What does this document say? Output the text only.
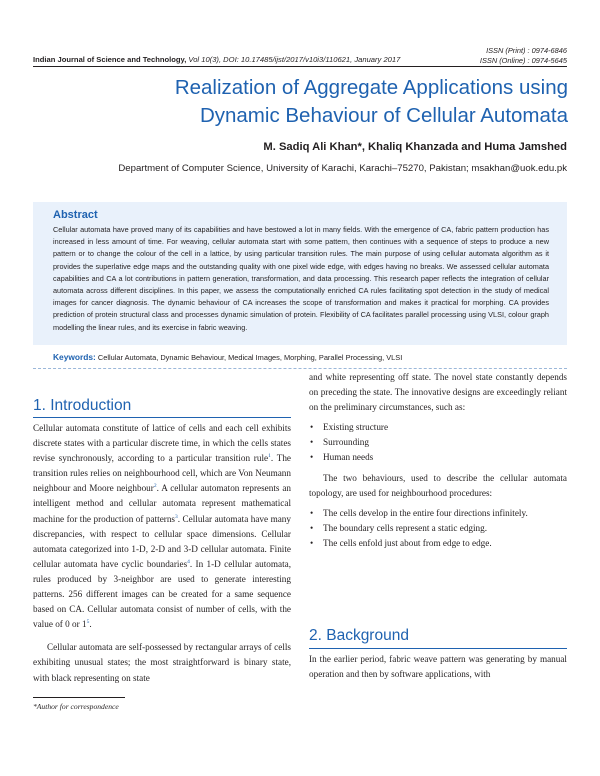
ISSN (Print) : 0974-6846
ISSN (Online) : 0974-5645
Indian Journal of Science and Technology, Vol 10(3), DOI: 10.17485/ijst/2017/v10i3/110621, January 2017
Realization of Aggregate Applications using
Dynamic Behaviour of Cellular Automata
M. Sadiq Ali Khan*, Khaliq Khanzada and Huma Jamshed
Department of Computer Science, University of Karachi, Karachi–75270, Pakistan; msakhan@uok.edu.pk
Abstract
Cellular automata have proved many of its capabilities and have bestowed a lot in many fields. With the emergence of CA, fabric pattern production has increased in less amount of time. For weaving, cellular automata start with some pattern, then continues with a sequence of steps to produce a new pattern or to change the colour of the cell in a lattice, by using particular transition rules. The main purpose of using cellular automata algorithm as it provides the superlative edge maps and the outstanding quality with one pixel wide edge, with edges having no breaks. We assessed cellular automata capabilities and CA a lot contributions in pattern generation, transformation, and data processing. This research paper reflects the integration of cellular automata across different disciplines. In this paper, we assess the computationally enriched CA rules facilitating spot detection in the study of medical images for cancer diagnosis. The dynamic behaviour of CA increases the scope of transformation and makes it practical for morphing. CA provides prediction of protein structural class and processes dynamic simulation of protein. Flexibility of CA facilitates parallel processing using VLSI, colour graph modelling the linear rules, and its exercise in fabric weaving.
Keywords: Cellular Automata, Dynamic Behaviour, Medical Images, Morphing, Parallel Processing, VLSI
1. Introduction

Cellular automata constitute of lattice of cells and each cell exhibits discrete states with a particular discrete time, in which the cells states revise synchronously, according to a particular transition rule$^1$. The transition rules relies on neighbourhood cell, which are Von Neumann neighbour and Moore neighbour$^2$. A cellular automaton represents an intelligent method and cellular automata represent mathematical machine for the production of patterns$^3$. Cellular automata have many discrepancies, with respect to cellular space dimensions. Cellular automata categorized into 1-D, 2-D and 3-D cellular automata. Finite cellular automata have cyclic boundaries$^4$. In 1-D cellular automata, rules produced by 3-neighbor are used to generate interesting patterns. 256 different images can be created for a same sequence based on CA. Cellular automata consist of number of cells, with the value of 0 or $1^5$.

Cellular automata are self-possessed by rectangular arrays of cells exhibiting unusual states; the most straightforward is binary state, with black representing on state

and white representing off state. The novel state constantly depends on preceding the state. The innovative designs are exceedingly reliant on the preliminary circumstances, such as:

• Existing structure
• Surrounding
• Human needs

The two behaviours, used to describe the cellular automata topology, are used for neighbourhood procedures:

• The cells develop in the entire four directions infinitely.
• The boundary cells represent a static edging.
• The cells enfold just about from edge to edge.
2. Background

In the earlier period, fabric weave pattern was generating by manual operation and then by software applications, with

*Author for correspondence
